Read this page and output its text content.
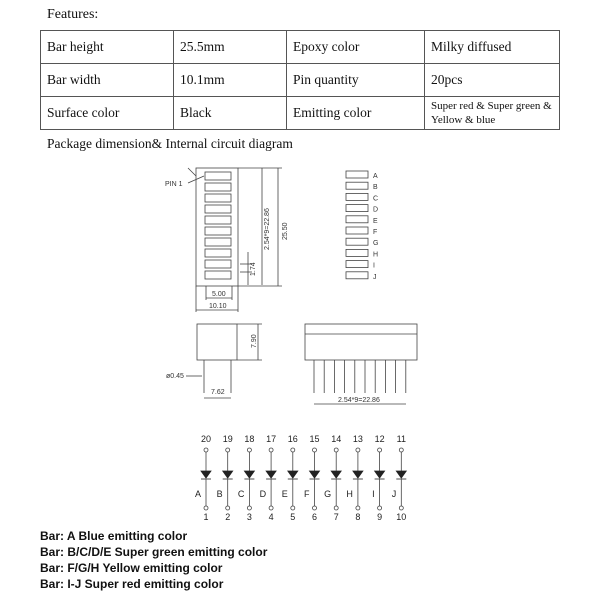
Features:
Bar height	25.5mm	Epoxy color	Milky diffused
Bar width	10.1mm	Pin quantity	20pcs
Surface color	Black	Emitting color	Super red & Super green & Yellow & blue
Package dimension& Internal circuit diagram
PIN 1
1.74
2.54*9=22.86 25.50
5.00
10.10
A
B
C
D
E
F
G
H
I
J
7.90
ø0.45
7.62
2.54*9=22.86
20
A
1
19
B
2
18
C
3
17
D
4
16
E
5
15
F
6
14
G
7
13
H
8
12
I
9
11
J
10
Bar: A Blue emitting color
Bar: B/C/D/E Super green emitting color
Bar: F/G/H Yellow emitting color
Bar: I-J Super red emitting color
